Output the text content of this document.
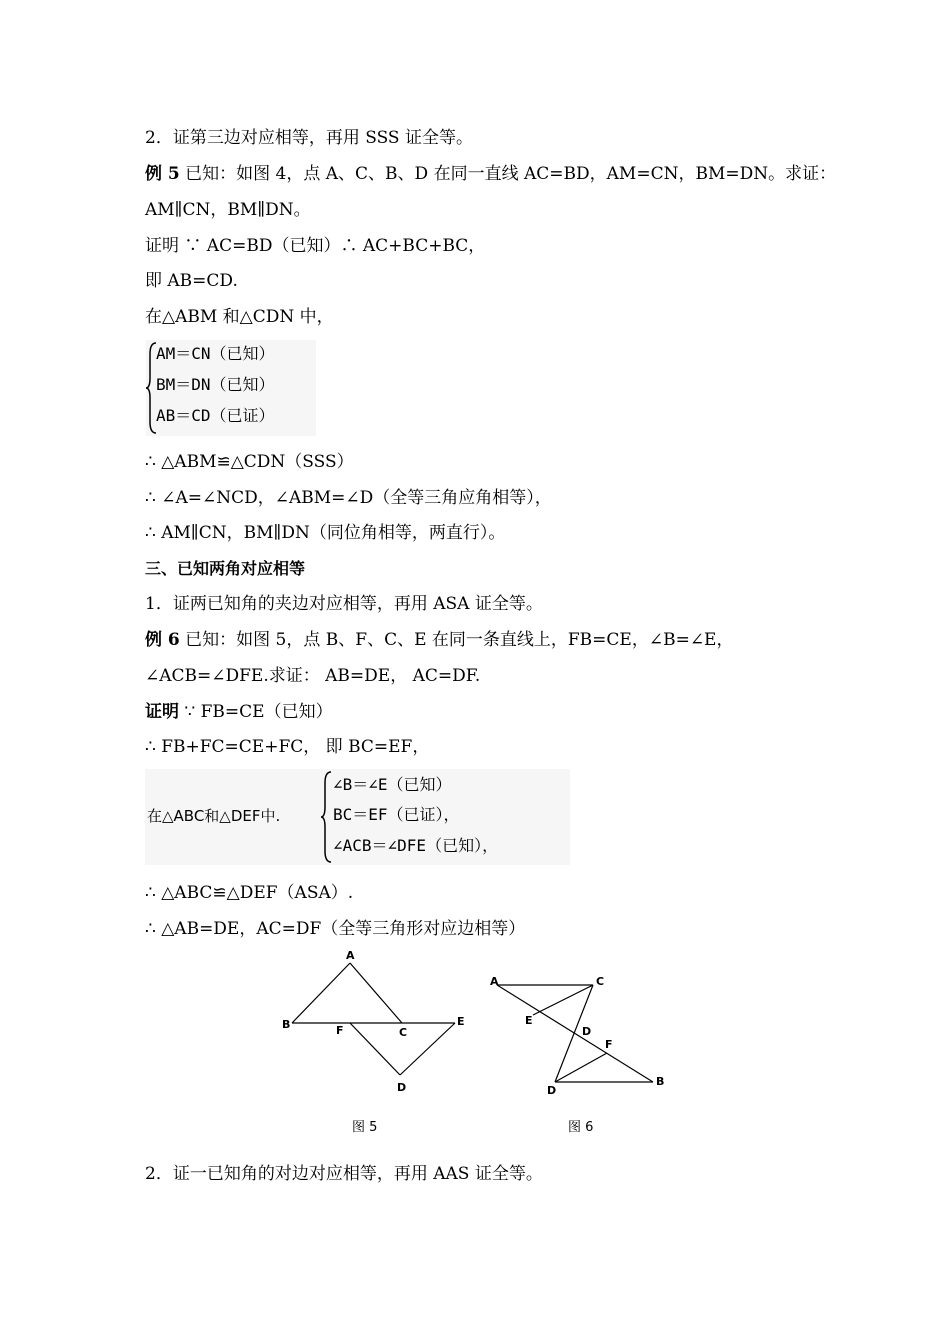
2．证第三边对应相等，再用 SSS 证全等。
例 5 已知：如图 4，点 A、C、B、D 在同一直线 AC=BD，AM=CN，BM=DN。求证：
AM∥CN，BM∥DN。
证明 ∵ AC=BD（已知）∴ AC+BC+BC，
即 AB=CD.
在△ABM 和△CDN 中，
AM＝CN（已知）
BM＝DN（已知）
AB＝CD（已证）
∴ △ABM≌△CDN（SSS）
∴ ∠A=∠NCD，∠ABM=∠D（全等三角应角相等），
∴ AM∥CN，BM∥DN（同位角相等，两直行）。
三、已知两角对应相等
1．证两已知角的夹边对应相等，再用 ASA 证全等。
例 6 已知：如图 5，点 B、F、C、E 在同一条直线上，FB=CE，∠B=∠E，
∠ACB=∠DFE.求证： AB=DE， AC=DF.
证明 ∵ FB=CE（已知）
∴ FB+FC=CE+FC， 即 BC=EF，
在△ABC和△DEF中.
∠B＝∠E（已知）
BC＝EF（已证），
∠ACB＝∠DFE（已知），
∴ △ABC≌△DEF（ASA）.
∴ △AB=DE，AC=DF（全等三角形对应边相等）
A
B	F	C
E
D
图 5
A	C
E
D
F
D
B
图 6
2．证一已知角的对边对应相等，再用 AAS 证全等。
